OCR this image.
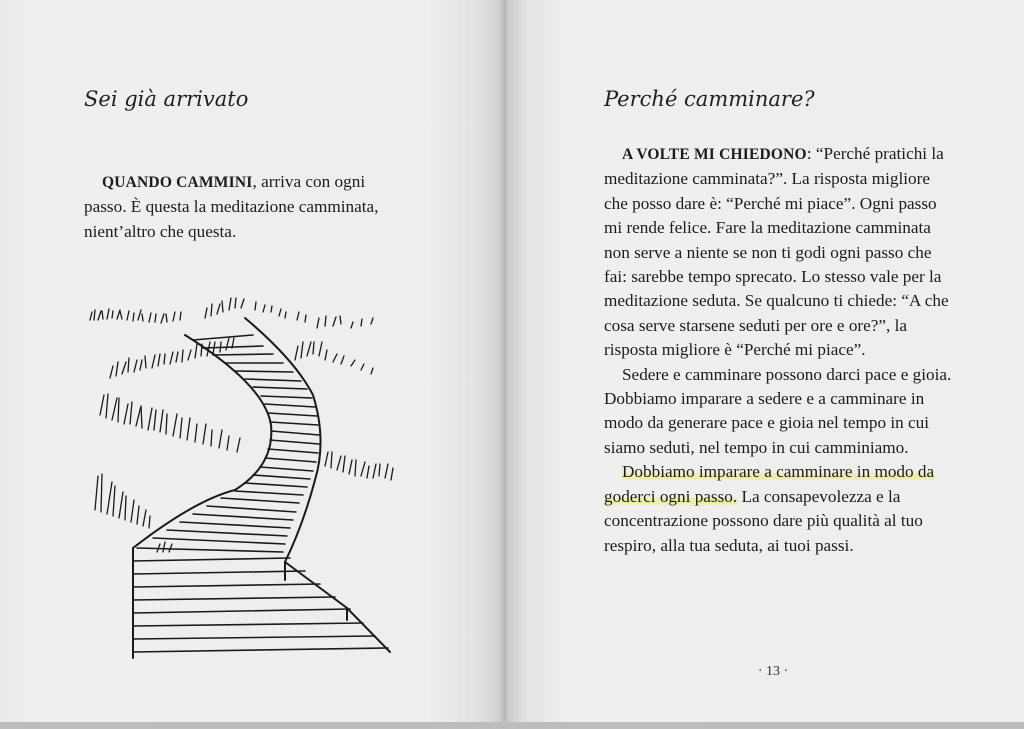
Sei già arrivato

QUANDO CAMMINI, arriva con ogni passo. È questa la meditazione camminata, nient’altro che questa.

Perché camminare?

A VOLTE MI CHIEDONO: “Perché pratichi la meditazione camminata?”. La risposta migliore che posso dare è: “Perché mi piace”. Ogni passo mi rende felice. Fare la meditazione camminata non serve a niente se non ti godi ogni passo che fai: sarebbe tempo sprecato. Lo stesso vale per la meditazione seduta. Se qualcuno ti chiede: “A che cosa serve starsene seduti per ore e ore?”, la risposta migliore è “Perché mi piace”.

Sedere e camminare possono darci pace e gioia. Dobbiamo imparare a sedere e a camminare in modo da generare pace e gioia nel tempo in cui siamo seduti, nel tempo in cui camminiamo.

Dobbiamo imparare a camminare in modo da goderci ogni passo. La consapevolezza e la concentrazione possono dare più qualità al tuo respiro, alla tua seduta, ai tuoi passi.

· 13 ·
